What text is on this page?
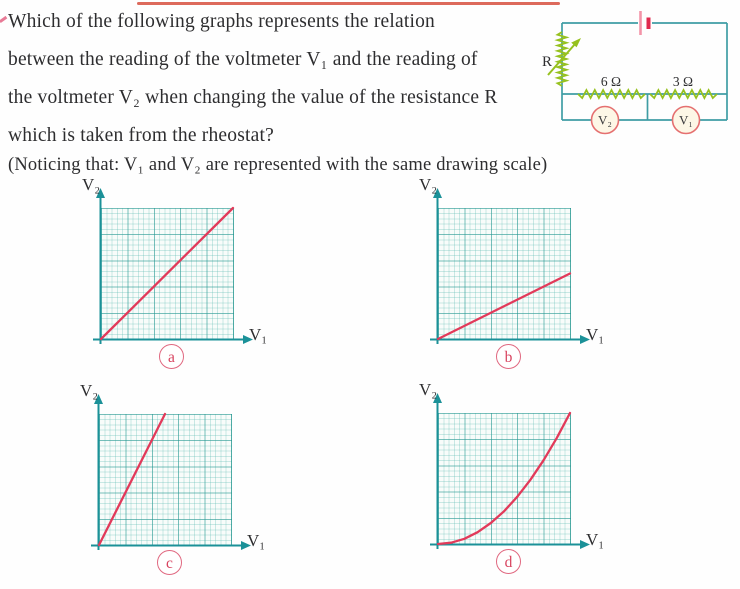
Which of the following graphs represents the relation
between the reading of the voltmeter V₁ and the reading of
the voltmeter V₂ when changing the value of the resistance R
which is taken from the rheostat?
(Noticing that: V₁ and V₂ are represented with the same drawing scale)
R
6 Ω	3 Ω
V₂	V₁
V₂
V₁
a
V₂
V₁
b
V₂
V₁
c
V₂
V₁
d
